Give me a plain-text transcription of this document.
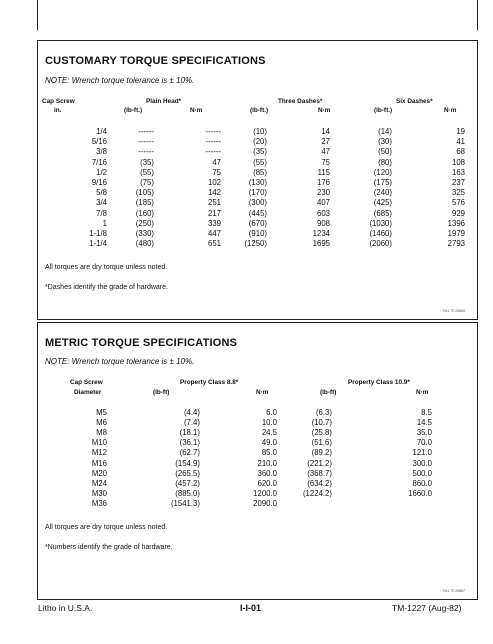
CUSTOMARY TORQUE SPECIFICATIONS
NOTE: Wrench torque tolerance is ± 10%.
Cap Screw
in.
Plain Head*	Three Dashes*	Six Dashes*
(lb-ft.)	N·m	(lb-ft.)	N·m	(lb-ft.)	N·m
1/4	------	------	(10)	14	(14)	19
5/16	------	------	(20)	27	(30)	41
3/8	------	------	(35)	47	(50)	68
7/16	(35)	47	(55)	75	(80)	108
1/2	(55)	75	(85)	115	(120)	163
9/16	(75)	102	(130)	176	(175)	237
5/8	(105)	142	(170)	230	(240)	325
3/4	(185)	251	(300)	407	(425)	576
7/8	(160)	217	(445)	603	(685)	929
1	(250)	339	(670)	908	(1030)	1396
1-1/8	(330)	447	(910)	1234	(1460)	1979
1-1/4	(480)	651	(1250)	1695	(2060)	2793
All torques are dry torque unless noted.
*Dashes identify the grade of hardware.
TM1 70 25880
METRIC TORQUE SPECIFICATIONS
NOTE: Wrench torque tolerance is ± 10%.
Cap Screw
Diameter
Property Class 8.8*	Property Class 10.9*
(lb-ft)	N·m	(lb-ft)	N·m
M5	(4.4)	6.0	(6.3)	8.5
M6	(7.4)	10.0	(10.7)	14.5
M8	(18.1)	24.5	(25.8)	35.0
M10	(36.1)	49.0	(51.6)	70.0
M12	(62.7)	85.0	(89.2)	121.0
M16	(154.9)	210.0	(221.2)	300.0
M20	(265.5)	360.0	(368.7)	500.0
M24	(457.2)	620.0	(634.2)	860.0
M30	(885.0)	1200.0	(1224.2)	1660.0
M36	(1541.3)	2090.0
All torques are dry torque unless noted.
*Numbers identify the grade of hardware.
TM1 70 25887
Litho in U.S.A.	I-I-01	TM-1227 (Aug-82)
